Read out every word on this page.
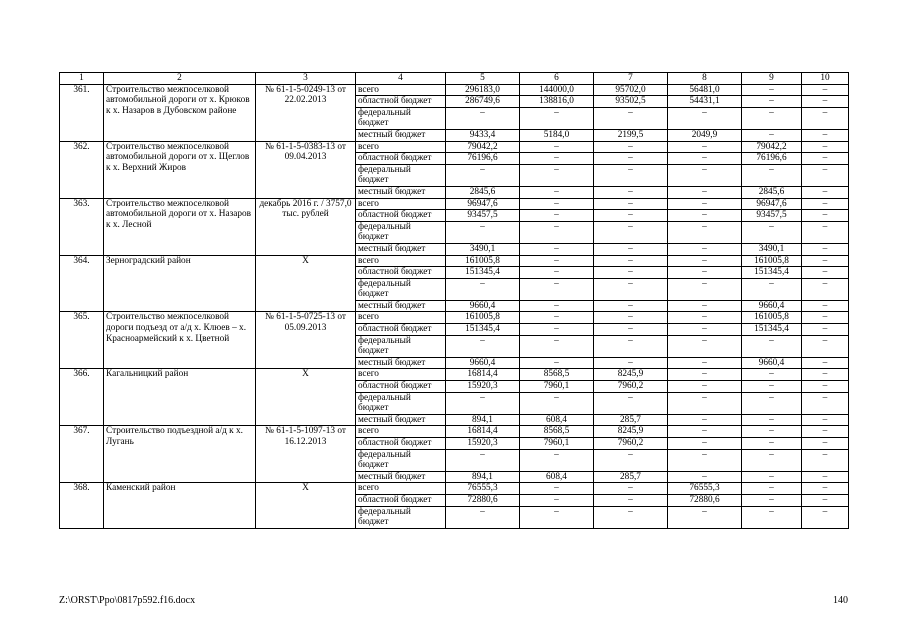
1	2	3	4	5	6	7	8	9	10
361.	Строительство межпоселковой автомобильной дороги от х. Крюков к х. Назаров в Дубовском районе	№ 61-1-5-0249-13 от 22.02.2013	всего	296183,0	144000,0	95702,0	56481,0	–	–
			областной бюджет	286749,6	138816,0	93502,5	54431,1	–	–
			федеральный бюджет	–	–	–	–	–	–
			местный бюджет	9433,4	5184,0	2199,5	2049,9	–	–
362.	Строительство межпоселковой автомобильной дороги от х. Щеглов к х. Верхний Жиров	№ 61-1-5-0383-13 от 09.04.2013	всего	79042,2	–	–	–	79042,2	–
			областной бюджет	76196,6	–	–	–	76196,6	–
			федеральный бюджет	–	–	–	–	–	–
			местный бюджет	2845,6	–	–	–	2845,6	–
363.	Строительство межпоселковой автомобильной дороги от х. Назаров к х. Лесной	декабрь 2016 г. / 3757,0 тыс. рублей	всего	96947,6	–	–	–	96947,6	–
			областной бюджет	93457,5	–	–	–	93457,5	–
			федеральный бюджет	–	–	–	–	–	–
			местный бюджет	3490,1	–	–	–	3490,1	–
364.	Зерноградский район	Х	всего	161005,8	–	–	–	161005,8	–
			областной бюджет	151345,4	–	–	–	151345,4	–
			федеральный бюджет	–	–	–	–	–	–
			местный бюджет	9660,4	–	–	–	9660,4	–
365.	Строительство межпоселковой дороги подъезд от а/д х. Клюев – х. Красноармейский к х. Цветной	№ 61-1-5-0725-13 от 05.09.2013	всего	161005,8	–	–	–	161005,8	–
			областной бюджет	151345,4	–	–	–	151345,4	–
			федеральный бюджет	–	–	–	–	–	–
			местный бюджет	9660,4	–	–	–	9660,4	–
366.	Кагальницкий район	Х	всего	16814,4	8568,5	8245,9	–	–	–
			областной бюджет	15920,3	7960,1	7960,2	–	–	–
			федеральный бюджет	–	–	–	–	–	–
			местный бюджет	894,1	608,4	285,7	–	–	–
367.	Строительство подъездной а/д к х. Лугань	№ 61-1-5-1097-13 от 16.12.2013	всего	16814,4	8568,5	8245,9	–	–	–
			областной бюджет	15920,3	7960,1	7960,2	–	–	–
			федеральный бюджет	–	–	–	–	–	–
			местный бюджет	894,1	608,4	285,7	–	–	–
368.	Каменский район	Х	всего	76555,3	–	–	76555,3	–	–
			областной бюджет	72880,6	–	–	72880,6	–	–
			федеральный бюджет	–	–	–	–	–	–
Z:\ORST\Ppo\0817p592.f16.docx	140
